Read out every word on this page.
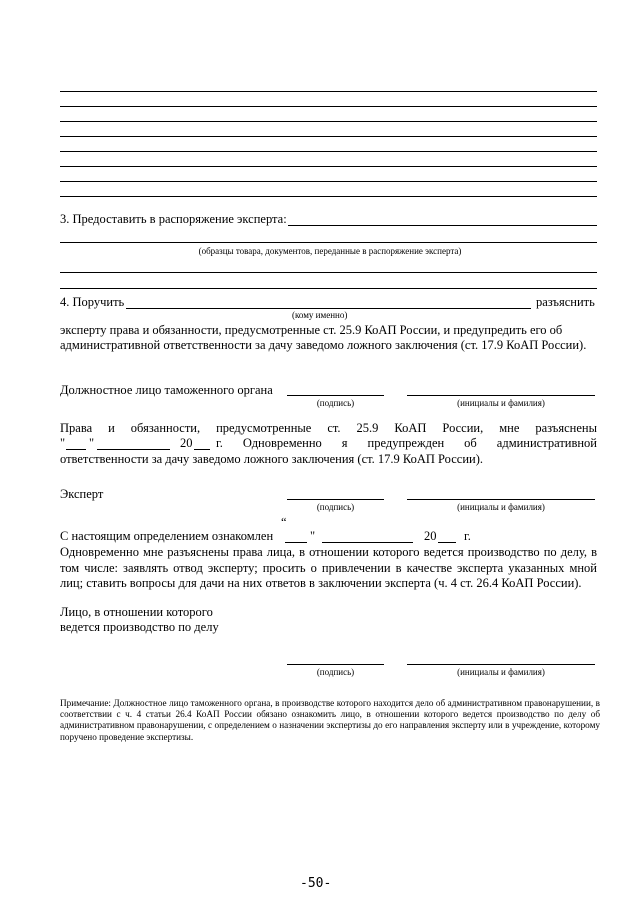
3. Предоставить в распоряжение эксперта:
(образцы товара, документов, переданные в распоряжение эксперта)
4. Поручить	разъяснить
(кому именно)
эксперту права и обязанности, предусмотренные ст. 25.9 КоАП России, и предупредить его об
административной ответственности за дачу заведомо ложного заключения (ст. 17.9 КоАП России).
Должностное лицо таможенного органа
(подпись)	(инициалы и фамилия)
Права и обязанности, предусмотренные ст. 25.9 КоАП России, мне разъяснены
" "	20 г. Одновременно я предупрежден об административной
ответственности за дачу заведомо ложного заключения (ст. 17.9 КоАП России).
Эксперт
(подпись)	(инициалы и фамилия)
“
С настоящим определением ознакомлен	"	20 г.
Одновременно мне разъяснены права лица, в отношении которого ведется производство по делу, в
том числе: заявлять отвод эксперту; просить о привлечении в качестве эксперта указанных мной
лиц; ставить вопросы для дачи на них ответов в заключении эксперта (ч. 4 ст. 26.4 КоАП России).
Лицо, в отношении которого
ведется производство по делу
(подпись)	(инициалы и фамилия)
Примечание: Должностное лицо таможенного органа, в производстве которого находится дело об административном правонарушении, в соответствии с ч. 4 статьи 26.4 КоАП России обязано ознакомить лицо, в отношении которого ведется производство по делу об административном правонарушении, с определением о назначении экспертизы до его направления эксперту или в учреждение, которому поручено проведение экспертизы.
-50-
